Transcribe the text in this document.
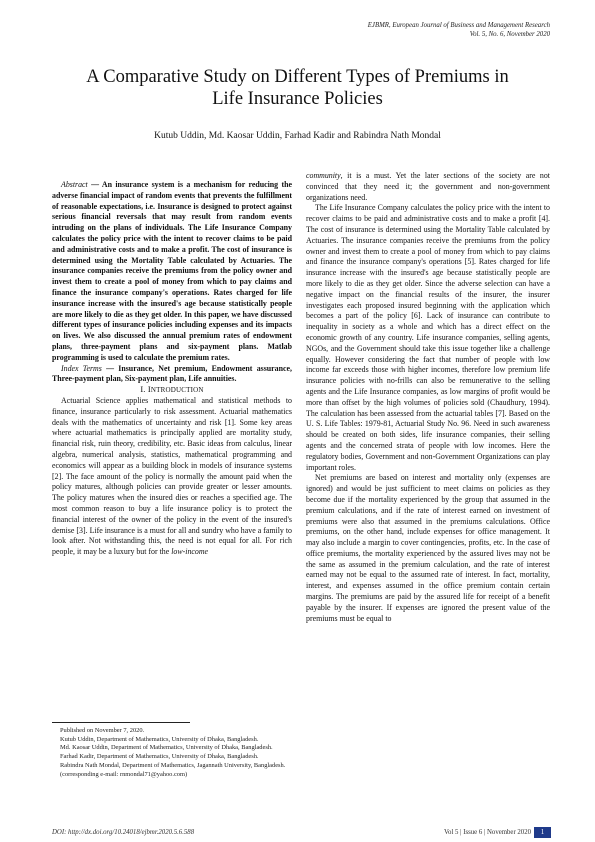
EJBMR, European Journal of Business and Management Research
Vol. 5, No. 6, November 2020
A Comparative Study on Different Types of Premiums in
Life Insurance Policies
Kutub Uddin, Md. Kaosar Uddin, Farhad Kadir and Rabindra Nath Mondal

Abstract — An insurance system is a mechanism for reducing the adverse financial impact of random events that prevents the fulfillment of reasonable expectations, i.e. Insurance is designed to protect against serious financial reversals that may result from random events intruding on the plans of individuals. The Life Insurance Company calculates the policy price with the intent to recover claims to be paid and administrative costs and to make a profit. The cost of insurance is determined using the Mortality Table calculated by Actuaries. The insurance companies receive the premiums from the policy owner and invest them to create a pool of money from which to pay claims and finance the insurance company's operations. Rates charged for life insurance increase with the insured's age because statistically people are more likely to die as they get older. In this paper, we have discussed different types of insurance policies including expenses and its impacts on lives. We also discussed the annual premium rates of endowment plans, three-payment plans and six-payment plans. Matlab programming is used to calculate the premium rates.

Index Terms — Insurance, Net premium, Endowment assurance, Three-payment plan, Six-payment plan, Life annuities.

I. INTRODUCTION

Actuarial Science applies mathematical and statistical methods to finance, insurance particularly to risk assessment. Actuarial mathematics deals with the mathematics of uncertainty and risk [1]. Some key areas where actuarial mathematics is principally applied are mortality study, financial risk, ruin theory, credibility, etc. Basic ideas from calculus, linear algebra, numerical analysis, statistics, mathematical programming and economics will appear as a building block in models of insurance systems [2]. The face amount of the policy is normally the amount paid when the policy matures, although policies can provide greater or lesser amounts. The policy matures when the insured dies or reaches a specified age. The most common reason to buy a life insurance policy is to protect the financial interest of the owner of the policy in the event of the insured's demise [3]. Life insurance is a must for all and sundry who have a family to look after. Not withstanding this, the need is not equal for all. For rich people, it may be a luxury but for the low-income

Published on November 7, 2020.

Kutub Uddin, Department of Mathematics, University of Dhaka, Bangladesh.

Md. Kaosar Uddin, Department of Mathematics, University of Dhaka, Bangladesh.

Farhad Kadir, Department of Mathematics, University of Dhaka, Bangladesh.

Rabindra Nath Mondal, Department of Mathematics, Jagannath University, Bangladesh.

(corresponding e-mail: rnmondal71@yahoo.com)

community, it is a must. Yet the later sections of the society are not convinced that they need it; the government and non-government organizations need.

The Life Insurance Company calculates the policy price with the intent to recover claims to be paid and administrative costs and to make a profit [4]. The cost of insurance is determined using the Mortality Table calculated by Actuaries. The insurance companies receive the premiums from the policy owner and invest them to create a pool of money from which to pay claims and finance the insurance company's operations [5]. Rates charged for life insurance increase with the insured's age because statistically people are more likely to die as they get older. Since the adverse selection can have a negative impact on the financial results of the insurer, the insurer investigates each proposed insured beginning with the application which becomes a part of the policy [6]. Lack of insurance can contribute to inequality in society as a whole and which has a direct effect on the economic growth of any country. Life insurance companies, selling agents, NGOs, and the Government should take this issue together like a challenge equally. However considering the fact that number of people with low income far exceeds those with higher incomes, therefore low premium life insurance policies with no-frills can also be remunerative to the selling agents and the Life Insurance companies, as low margins of profit would be more than offset by the high volumes of policies sold (Chaudhury, 1994). The calculation has been assessed from the actuarial tables [7]. Based on the U. S. Life Tables: 1979-81, Actuarial Study No. 96. Need in such awareness should be created on both sides, life insurance companies, their selling agents and the concerned strata of people with low incomes. Here the regulatory bodies, Government and non-Government Organizations can play important roles.

Net premiums are based on interest and mortality only (expenses are ignored) and would be just sufficient to meet claims on policies as they become due if the mortality experienced by the group that assumed in the premium calculations, and if the rate of interest earned on investment of premiums were also that assumed in the premiums calculations. Office premiums, on the other hand, include expenses for office management. It may also include a margin to cover contingencies, profits, etc. In the case of office premiums, the mortality experienced by the assured lives may not be the same as assumed in the premium calculation, and the rate of interest earned may not be equal to the assumed rate of interest. In fact, mortality, interest, and expenses assumed in the office premium contain certain margins. The premiums are paid by the assured life for receipt of a benefit payable by the insurer. If expenses are ignored the present value of the premiums must be equal to

DOI: http://dx.doi.org/10.24018/ejbmr.2020.5.6.588	Vol 5 | Issue 6 | November 2020	1
